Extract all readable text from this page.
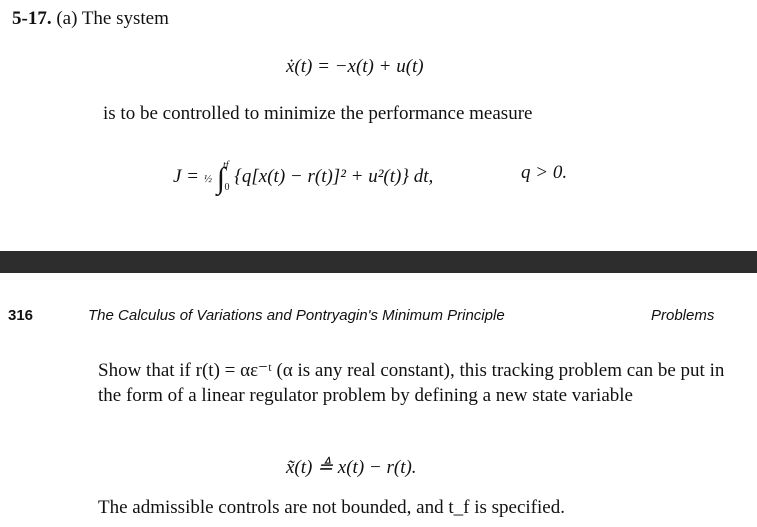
5-17. (a) The system
ẋ(t) = −x(t) + u(t)
is to be controlled to minimize the performance measure
J = ½ ∫$^{tf}_0$ {q[x(t) − r(t)]² + u²(t)} dt,	q > 0.
316	The Calculus of Variations and Pontryagin's Minimum Principle	Problems
Show that if r(t) = αε⁻ᵗ (α is any real constant), this tracking problem can be put in the form of a linear regulator problem by defining a new state variable
x̃(t) ≜ x(t) − r(t).
The admissible controls are not bounded, and t_f is specified.
